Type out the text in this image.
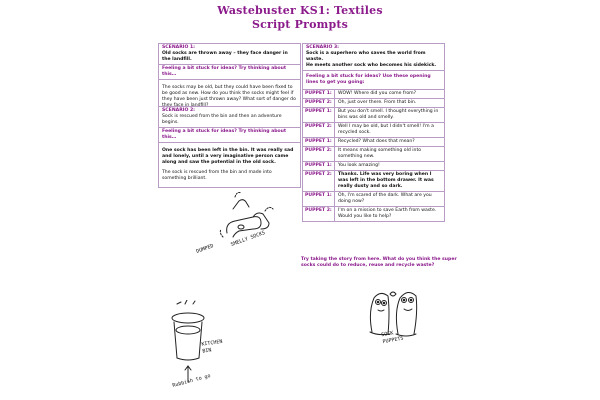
Wastebuster KS1: Textiles
Script Prompts
SCENARIO 1:
Old socks are thrown away – they face danger in the landfill.
Feeling a bit stuck for ideas? Try thinking about this…
The socks may be old, but they could have been fixed to be good as new. How do you think the socks might feel if they have been just thrown away? What sort of danger do
SCENARIO 2:
Sock is rescued from the bin and then an adventure begins.
Feeling a bit stuck for ideas? Try thinking about this…
One sock has been left in the bin. It was really sad and lonely, until a very imaginative person came along and saw the potential in the old sock.
The sock is rescued from the bin and made into something brilliant.
SCENARIO 3:
Sock is a superhero who saves the world from waste.
He meets another sock who becomes his sidekick.
Feeling a bit stuck for ideas? Use these opening lines to get you going:
PUPPET 1:	WOW! Where did you come from?
PUPPET 2:	Oh, just over there. From that bin.
PUPPET 1:	But you don't smell. I thought everything in bins was old and smelly.
PUPPET 2:	Well I may be old, but I didn't smell! I'm a recycled sock.
PUPPET 1:	Recycled? What does that mean?
PUPPET 2:	It means making something old into something new.
PUPPET 1:	You look amazing!
PUPPET 2:	Thanks. Life was very boring when I was left in the bottom drawer. It was really dusty and so dark.
PUPPET 1:	Oh, I'm scared of the dark. What are you doing now?
PUPPET 2:	I'm on a mission to save Earth from waste. Would you like to help?
Try taking the story from here. What do you think the super socks could do to reduce, reuse and recycle waste?
DUMPED
SMELLY SOCKS
KITCHEN BIN
Rubbish to go
SOCK PUPPETS
